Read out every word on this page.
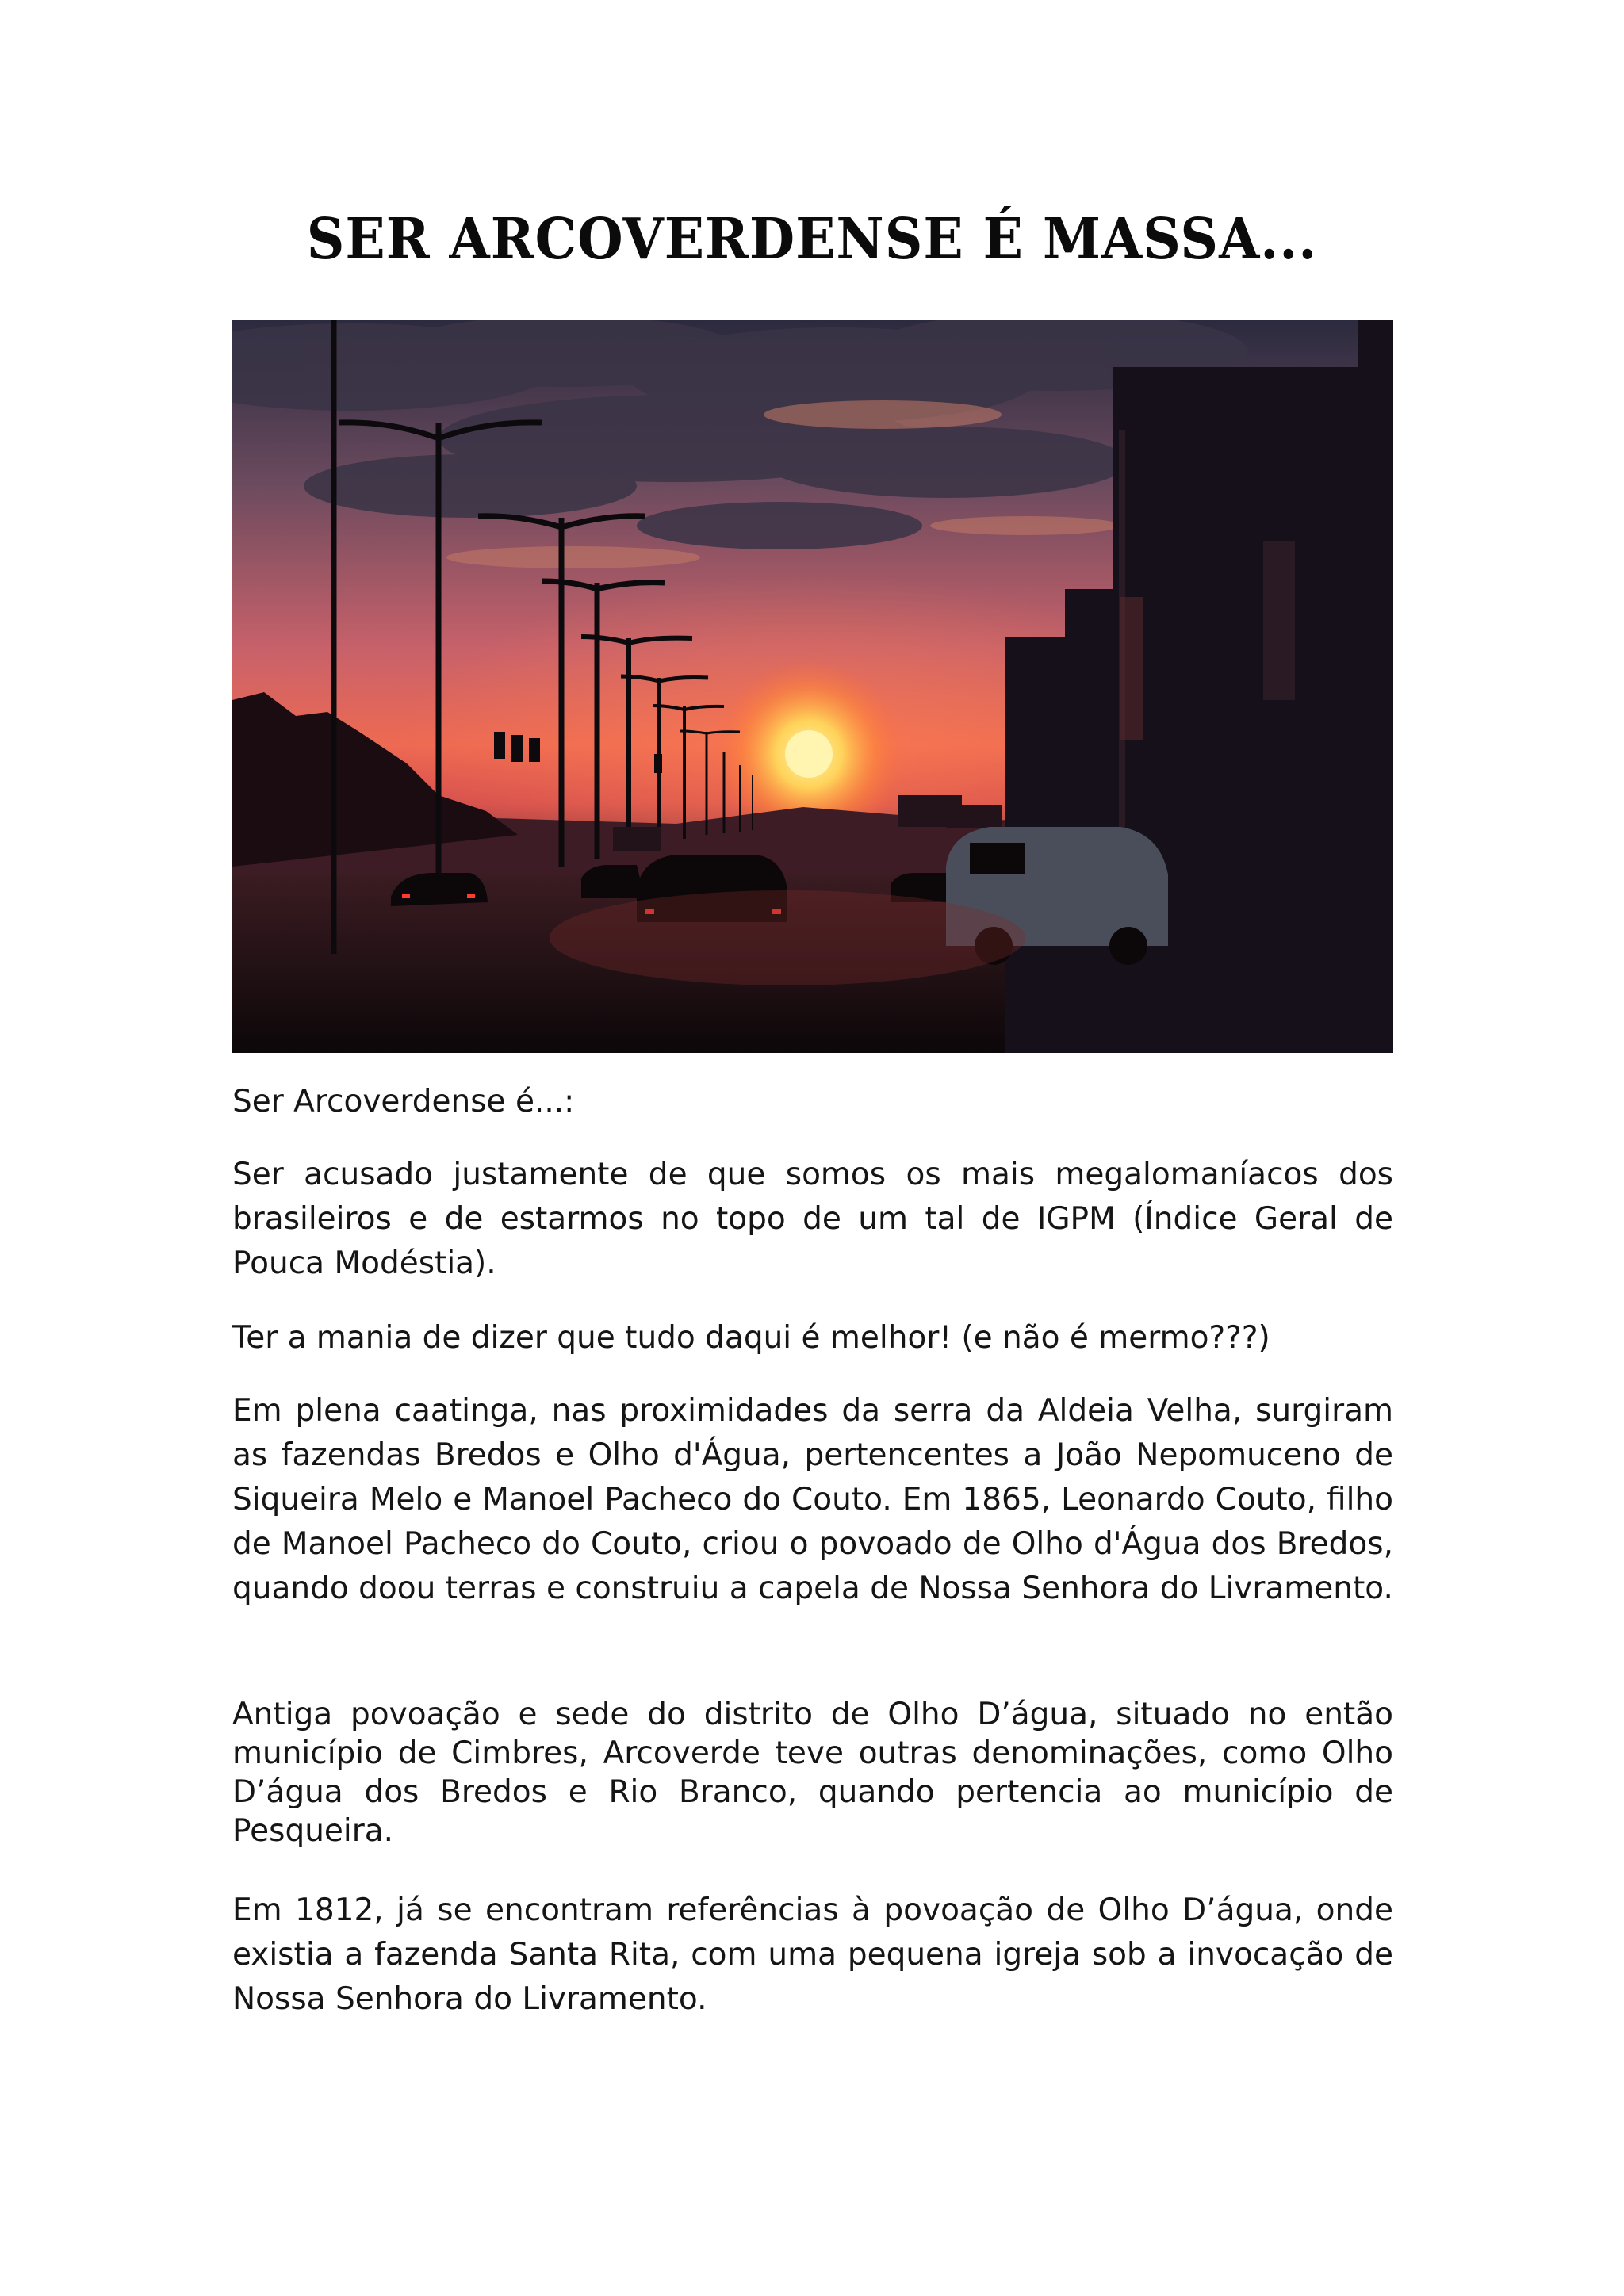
SER ARCOVERDENSE É MASSA...

Ser Arcoverdense é...:

Ser acusado justamente de que somos os mais megalomaníacos dos brasileiros e de estarmos no topo de um tal de IGPM (Índice Geral de Pouca Modéstia).

Ter a mania de dizer que tudo daqui é melhor! (e não é mermo???)

Em plena caatinga, nas proximidades da serra da Aldeia Velha, surgiram as fazendas Bredos e Olho d'Água, pertencentes a João Nepomuceno de Siqueira Melo e Manoel Pacheco do Couto. Em 1865, Leonardo Couto, filho de Manoel Pacheco do Couto, criou o povoado de Olho d'Água dos Bredos, quando doou terras e construiu a capela de Nossa Senhora do Livramento.

Antiga povoação e sede do distrito de Olho D’água, situado no então município de Cimbres, Arcoverde teve outras denominações, como Olho D’água dos Bredos e Rio Branco, quando pertencia ao município de Pesqueira.

Em 1812, já se encontram referências à povoação de Olho D’água, onde existia a fazenda Santa Rita, com uma pequena igreja sob a invocação de Nossa Senhora do Livramento.
